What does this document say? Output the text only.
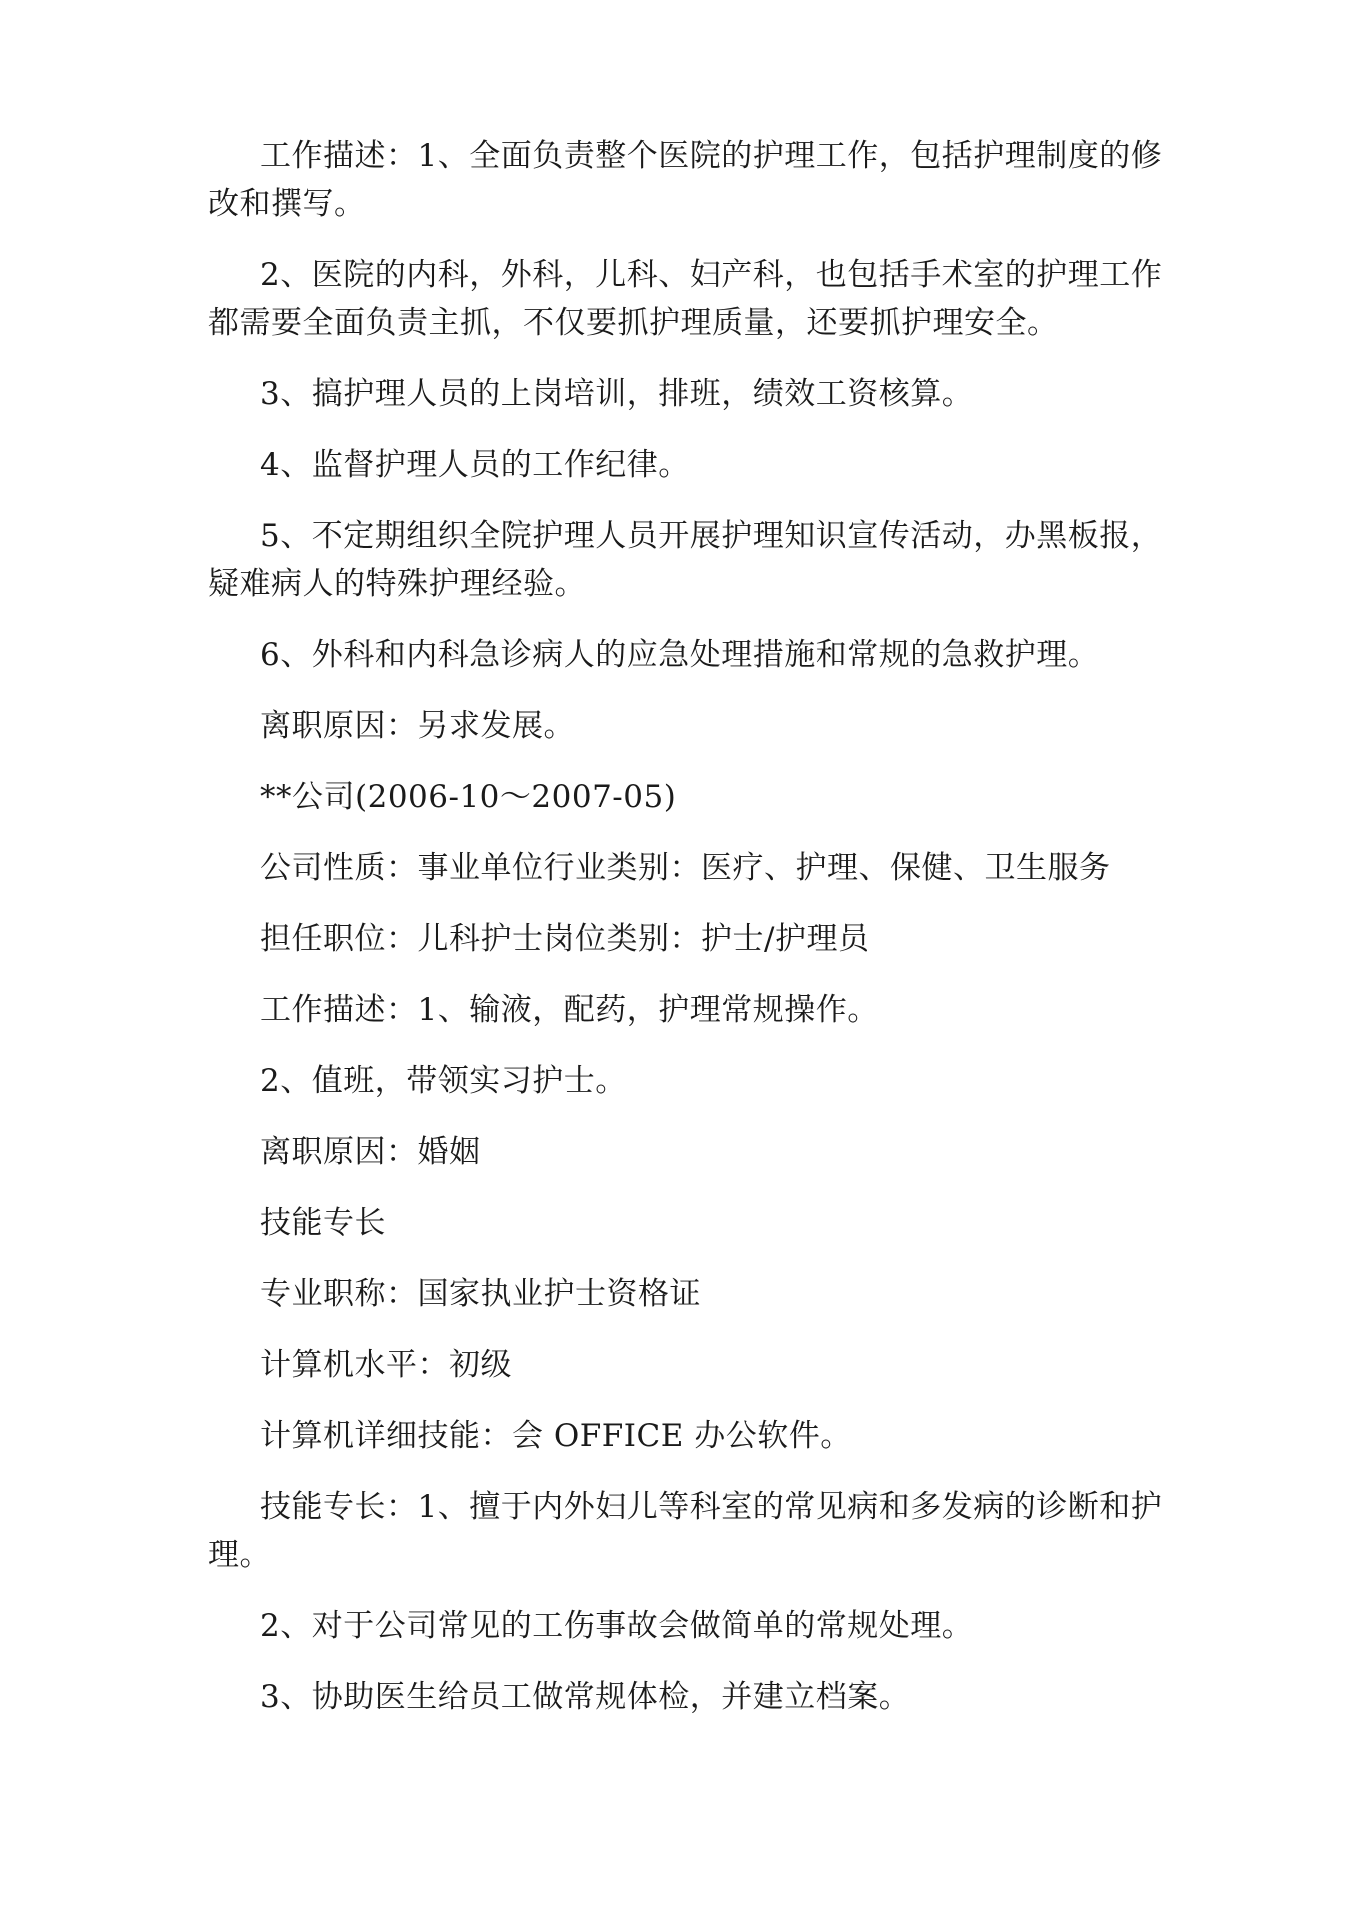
工作描述：1、全面负责整个医院的护理工作，包括护理制度的修改和撰写。

2、医院的内科，外科，儿科、妇产科，也包括手术室的护理工作都需要全面负责主抓，不仅要抓护理质量，还要抓护理安全。

3、搞护理人员的上岗培训，排班，绩效工资核算。

4、监督护理人员的工作纪律。

5、不定期组织全院护理人员开展护理知识宣传活动，办黑板报，疑难病人的特殊护理经验。

6、外科和内科急诊病人的应急处理措施和常规的急救护理。

离职原因：另求发展。

**公司(2006-10～2007-05)

公司性质：事业单位行业类别：医疗、护理、保健、卫生服务

担任职位：儿科护士岗位类别：护士/护理员

工作描述：1、输液，配药，护理常规操作。

2、值班，带领实习护士。

离职原因：婚姻

技能专长

专业职称：国家执业护士资格证

计算机水平：初级

计算机详细技能：会 OFFICE 办公软件。

技能专长：1、擅于内外妇儿等科室的常见病和多发病的诊断和护理。

2、对于公司常见的工伤事故会做简单的常规处理。

3、协助医生给员工做常规体检，并建立档案。
